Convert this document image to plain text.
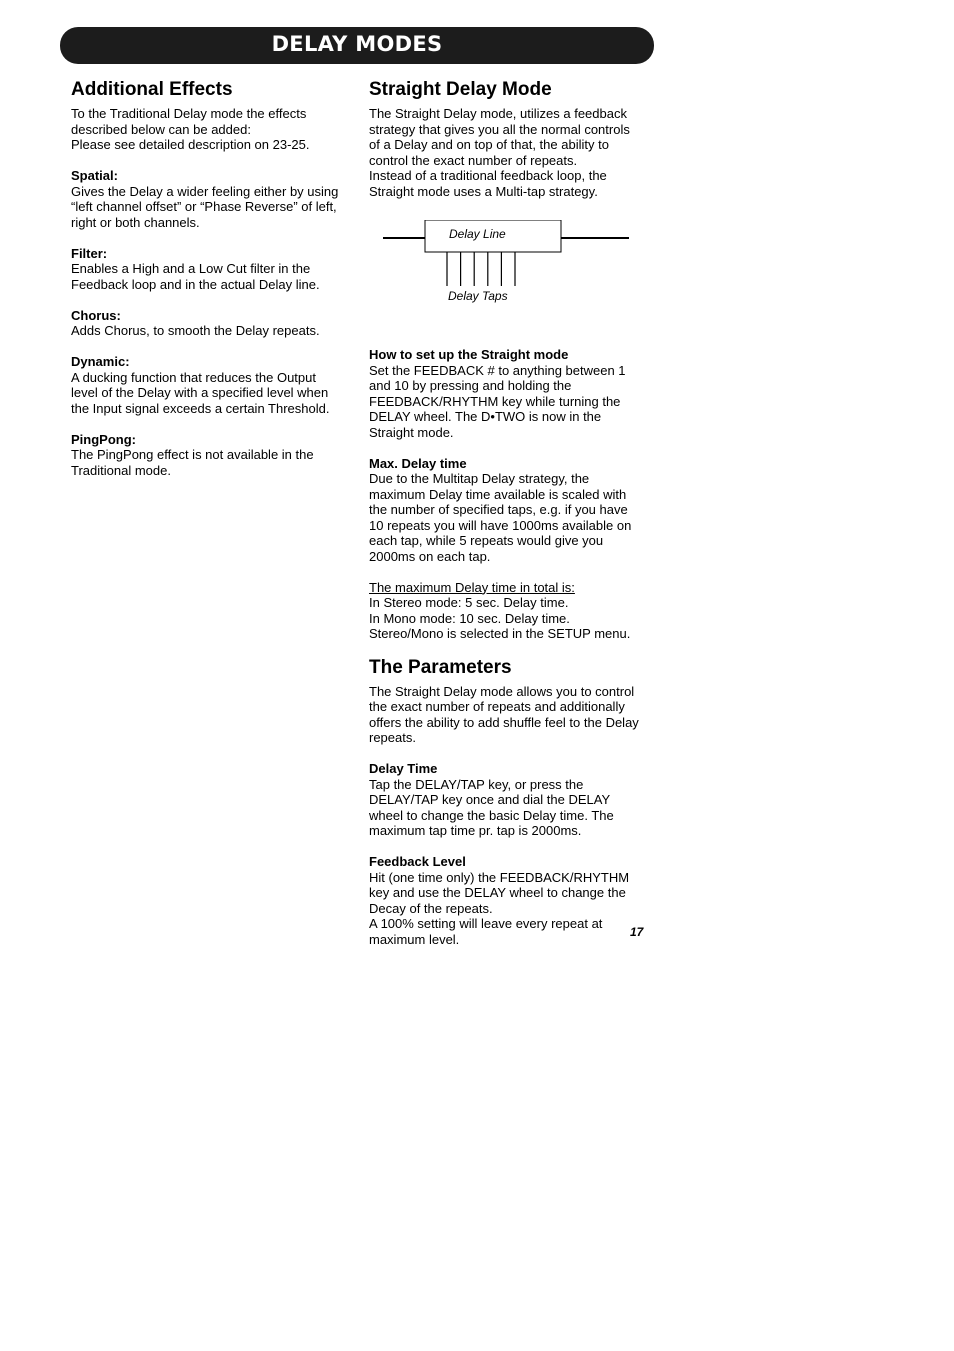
DELAY MODES
Additional Effects

To the Traditional Delay mode the effects

described below can be added:

Please see detailed description on 23-25.

Spatial:

Gives the Delay a wider feeling either by using

“left channel offset” or “Phase Reverse” of left,

right or both channels.

Filter:

Enables a High and a Low Cut filter in the

Feedback loop and in the actual Delay line.

Chorus:

Adds Chorus, to smooth the Delay repeats.

Dynamic:

A ducking function that reduces the Output

level of the Delay with a specified level when

the Input signal exceeds a certain Threshold.

PingPong:

The PingPong effect is not available in the

Traditional mode.

Straight Delay Mode

The Straight Delay mode, utilizes a feedback

strategy that gives you all the normal controls

of a Delay and on top of that, the ability to

control the exact number of repeats.

Instead of a traditional feedback loop, the

Straight mode uses a Multi-tap strategy.

Delay Line
Delay Taps

How to set up the Straight mode

Set the FEEDBACK # to anything between 1

and 10 by pressing and holding the

FEEDBACK/RHYTHM key while turning the

DELAY wheel. The D•TWO is now in the

Straight mode.

Max. Delay time

Due to the Multitap Delay strategy, the

maximum Delay time available is scaled with

the number of specified taps, e.g. if you have

10 repeats you will have 1000ms available on

each tap, while 5 repeats would give you

2000ms on each tap.

The maximum Delay time in total is:

In Stereo mode: 5 sec. Delay time.

In Mono mode: 10 sec. Delay time.

Stereo/Mono is selected in the SETUP menu.

The Parameters

The Straight Delay mode allows you to control

the exact number of repeats and additionally

offers the ability to add shuffle feel to the Delay

repeats.

Delay Time

Tap the DELAY/TAP key, or press the

DELAY/TAP key once and dial the DELAY

wheel to change the basic Delay time. The

maximum tap time pr. tap is 2000ms.

Feedback Level

Hit (one time only) the FEEDBACK/RHYTHM

key and use the DELAY wheel to change the

Decay of the repeats.

A 100% setting will leave every repeat at

maximum level.	17
